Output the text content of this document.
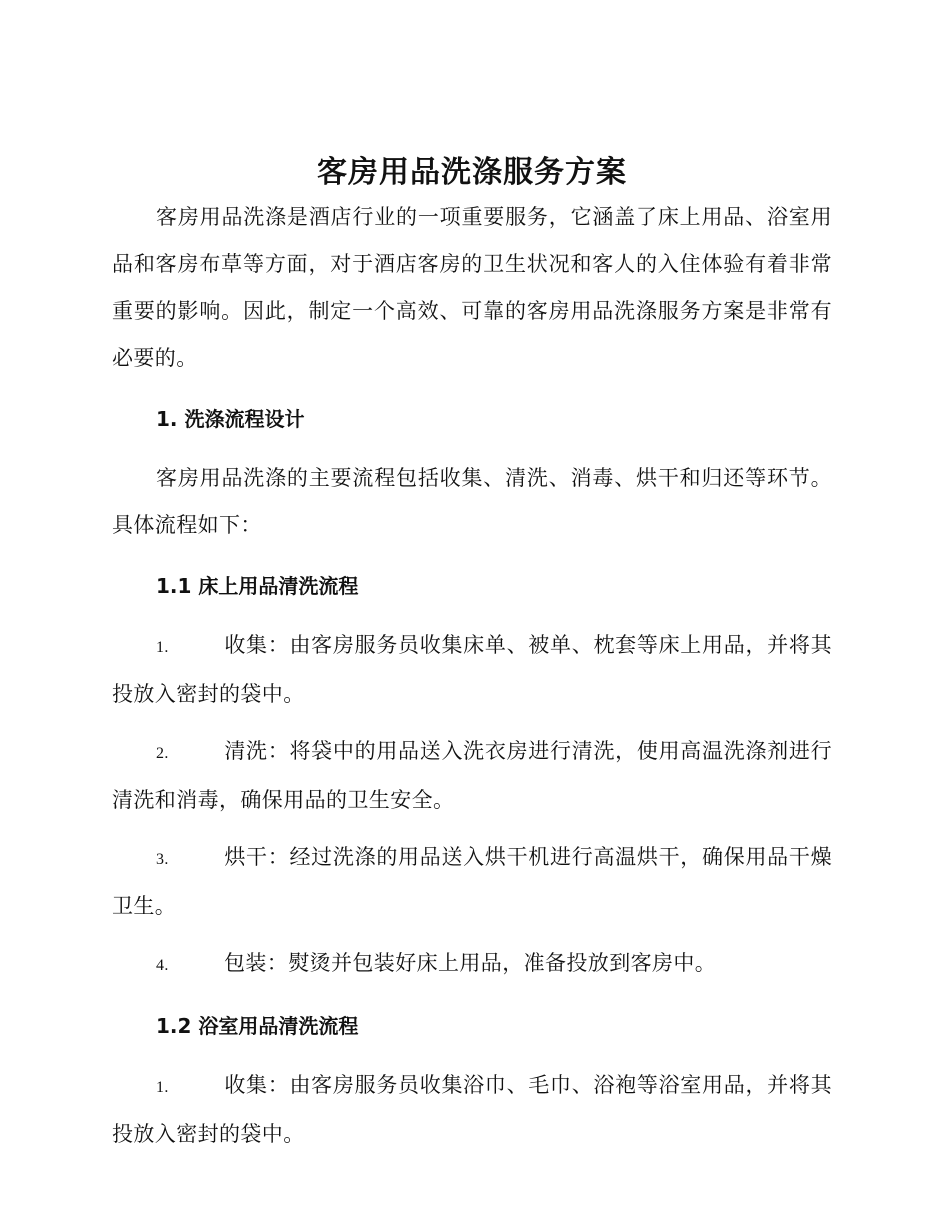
客房用品洗涤服务方案

客房用品洗涤是酒店行业的一项重要服务，它涵盖了床上用品、浴室用品和客房布草等方面，对于酒店客房的卫生状况和客人的入住体验有着非常重要的影响。因此，制定一个高效、可靠的客房用品洗涤服务方案是非常有必要的。

1. 洗涤流程设计

客房用品洗涤的主要流程包括收集、清洗、消毒、烘干和归还等环节。具体流程如下：

1.1 床上用品清洗流程
1.	收集：由客房服务员收集床单、被单、枕套等床上用品，并将其投放入密封的袋中。
2.	清洗：将袋中的用品送入洗衣房进行清洗，使用高温洗涤剂进行清洗和消毒，确保用品的卫生安全。
3.	烘干：经过洗涤的用品送入烘干机进行高温烘干，确保用品干燥卫生。
4.	包装：熨烫并包装好床上用品，准备投放到客房中。
1.2 浴室用品清洗流程
1.	收集：由客房服务员收集浴巾、毛巾、浴袍等浴室用品，并将其投放入密封的袋中。
